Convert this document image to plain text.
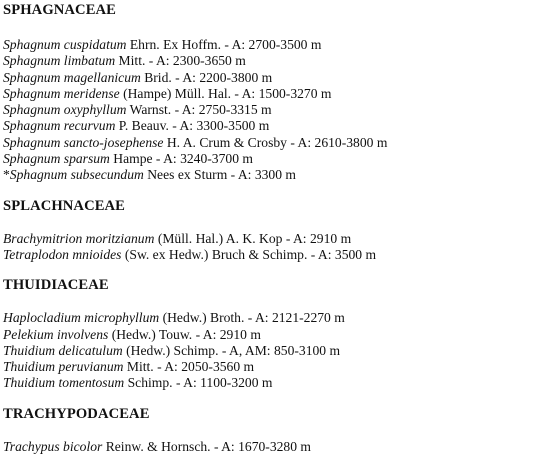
SPHAGNACEAE
Sphagnum cuspidatum Ehrn. Ex Hoffm. - A: 2700-3500 m
Sphagnum limbatum Mitt. - A: 2300-3650 m
Sphagnum magellanicum Brid. - A: 2200-3800 m
Sphagnum meridense (Hampe) Müll. Hal. - A: 1500-3270 m
Sphagnum oxyphyllum Warnst. - A: 2750-3315 m
Sphagnum recurvum P. Beauv. - A: 3300-3500 m
Sphagnum sancto-josephense H. A. Crum & Crosby - A: 2610-3800 m
Sphagnum sparsum Hampe - A: 3240-3700 m
*Sphagnum subsecundum Nees ex Sturm - A: 3300 m
SPLACHNACEAE
Brachymitrion moritzianum (Müll. Hal.) A. K. Kop - A: 2910 m
Tetraplodon mnioides (Sw. ex Hedw.) Bruch & Schimp. - A: 3500 m
THUIDIACEAE
Haplocladium microphyllum (Hedw.) Broth. - A: 2121-2270 m
Pelekium involvens (Hedw.) Touw. - A: 2910 m
Thuidium delicatulum (Hedw.) Schimp. - A, AM: 850-3100 m
Thuidium peruvianum Mitt. - A: 2050-3560 m
Thuidium tomentosum Schimp. - A: 1100-3200 m
TRACHYPODACEAE
Trachypus bicolor Reinw. & Hornsch. - A: 1670-3280 m
